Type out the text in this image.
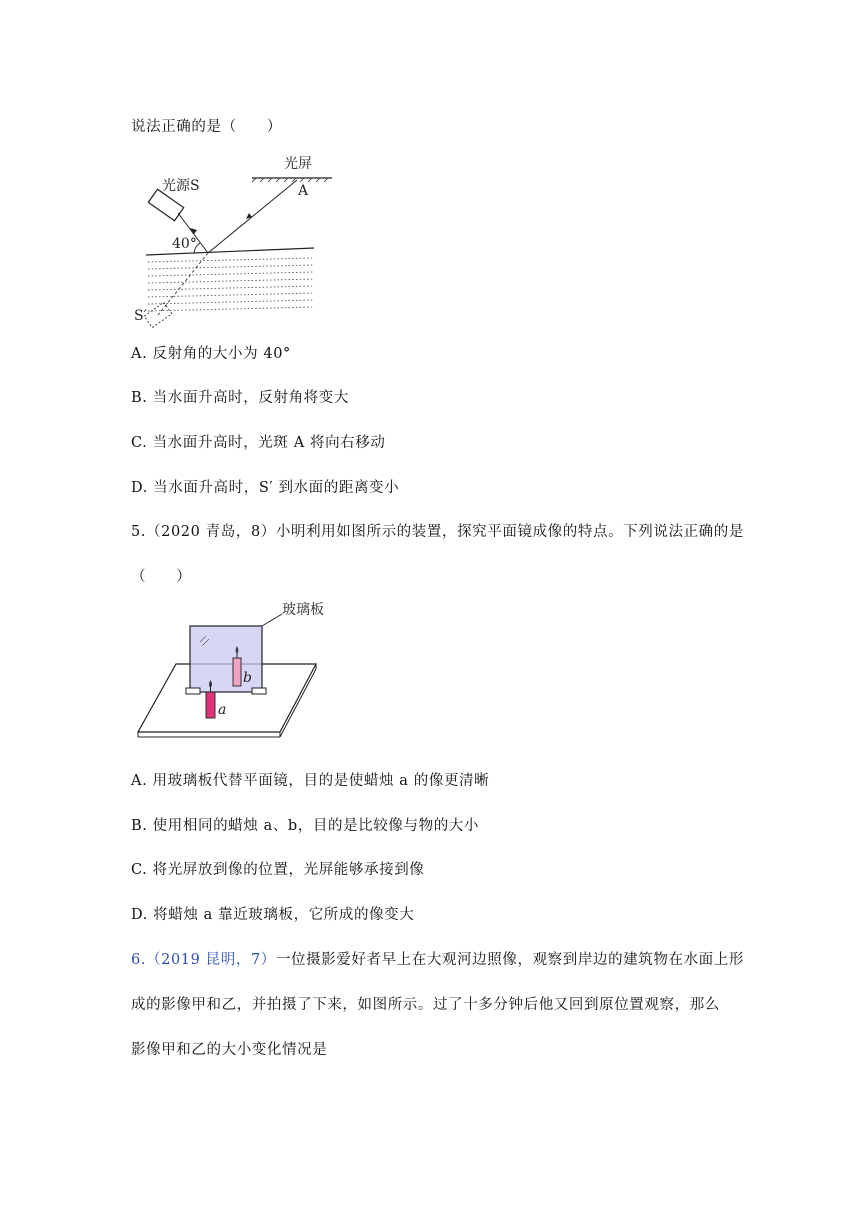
说法正确的是（　　）
光源S
光屏
A
40°
S′
A. 反射角的大小为 40°
B. 当水面升高时，反射角将变大
C. 当水面升高时，光斑 A 将向右移动
D. 当水面升高时，S′ 到水面的距离变小
5.（2020 青岛，8）小明利用如图所示的装置，探究平面镜成像的特点。下列说法正确的是
（　　）
玻璃板
b
a
A. 用玻璃板代替平面镜，目的是使蜡烛 a 的像更清晰
B. 使用相同的蜡烛 a、b，目的是比较像与物的大小
C. 将光屏放到像的位置，光屏能够承接到像
D. 将蜡烛 a 靠近玻璃板，它所成的像变大
6.（2019 昆明，7）一位摄影爱好者早上在大观河边照像，观察到岸边的建筑物在水面上形
成的影像甲和乙，并拍摄了下来，如图所示。过了十多分钟后他又回到原位置观察，那么
影像甲和乙的大小变化情况是
